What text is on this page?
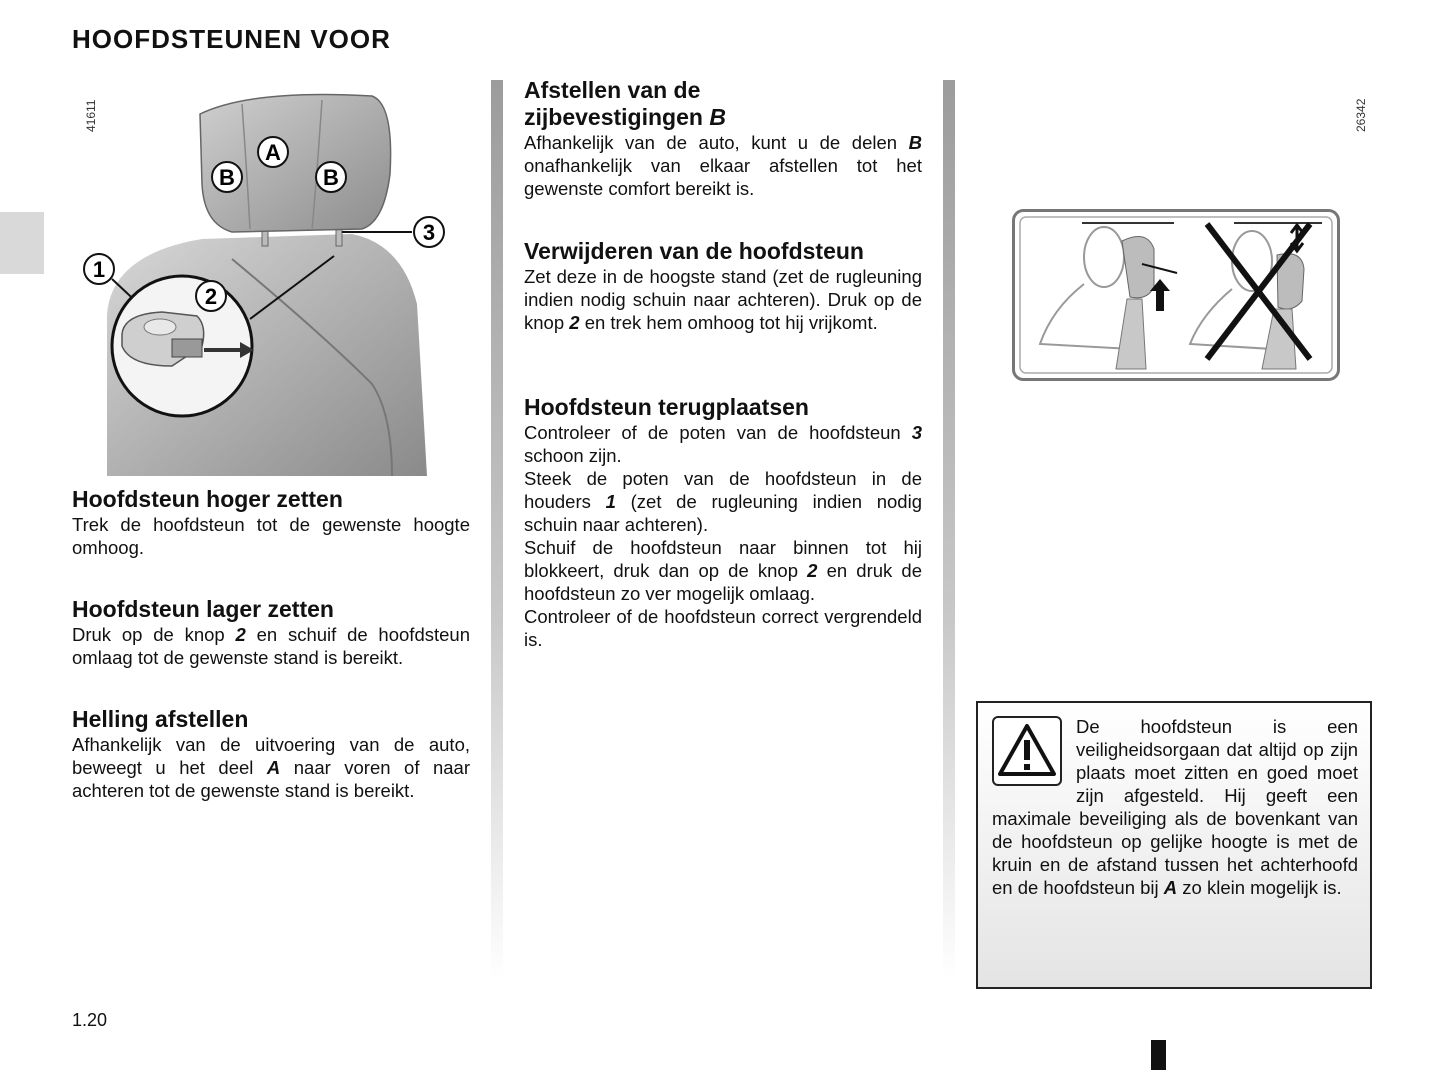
HOOFDSTEUNEN VOOR
41611
A
B	B
1
2
3
Hoofdsteun hoger zetten

Trek de hoofdsteun tot de gewenste hoogte omhoog.

Hoofdsteun lager zetten

Druk op de knop 2 en schuif de hoofdsteun omlaag tot de gewenste stand is bereikt.

Helling afstellen

Afhankelijk van de uitvoering van de auto, beweegt u het deel A naar voren of naar achteren tot de gewenste stand is bereikt.

Afstellen van de
zijbevestigingen B

Afhankelijk van de auto, kunt u de delen B onafhankelijk van elkaar afstellen tot het gewenste comfort bereikt is.

Verwijderen van de hoofdsteun

Zet deze in de hoogste stand (zet de rugleuning indien nodig schuin naar achteren). Druk op de knop 2 en trek hem omhoog tot hij vrijkomt.

Hoofdsteun terugplaatsen

Controleer of de poten van de hoofdsteun 3 schoon zijn.

Steek de poten van de hoofdsteun in de houders 1 (zet de rugleuning indien nodig schuin naar achteren).

Schuif de hoofdsteun naar binnen tot hij blokkeert, druk dan op de knop 2 en druk de hoofdsteun zo ver mogelijk omlaag.

Controleer of de hoofdsteun correct vergrendeld is.

26342
De hoofdsteun is een veiligheidsorgaan dat altijd op zijn plaats moet zitten en goed moet zijn afgesteld. Hij geeft een maximale beveiliging als de bovenkant van de hoofdsteun op gelijke hoogte is met de kruin en de afstand tussen het achterhoofd en de hoofdsteun bij A zo klein mogelijk is.
1.20
